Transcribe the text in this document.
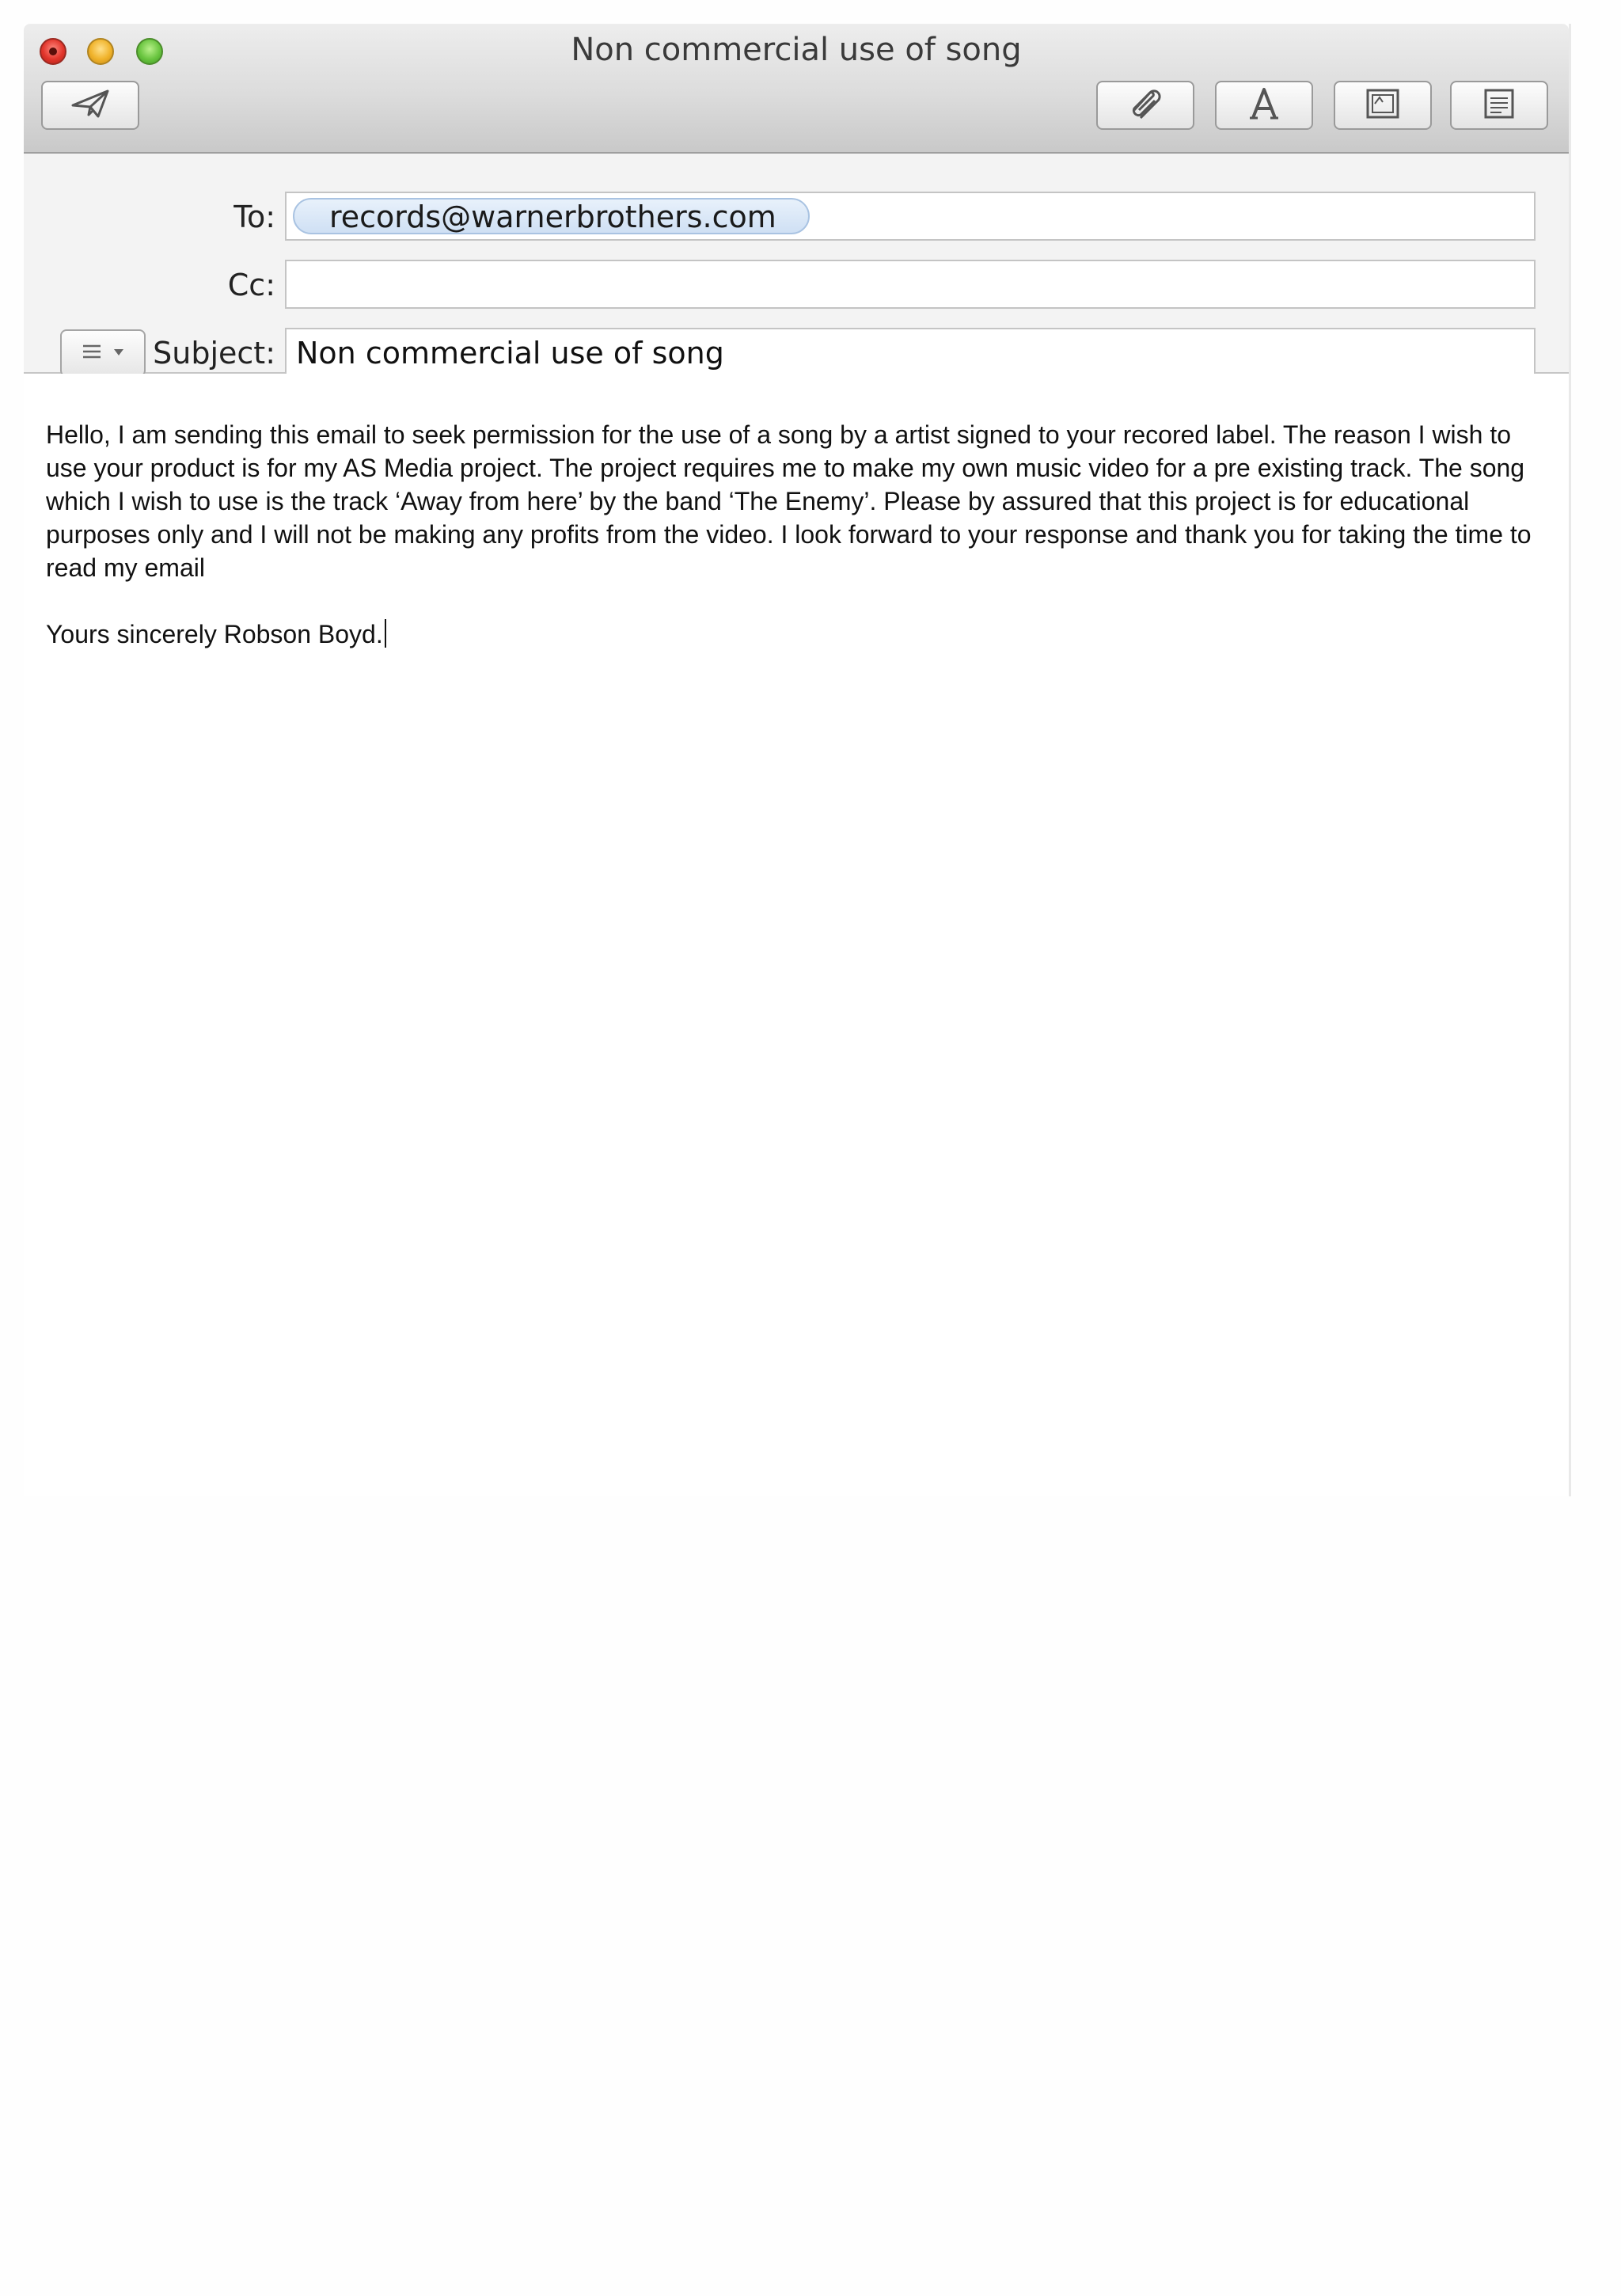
Non commercial use of song
To:	records@warnerbrothers.com
Cc:
Subject: Non commercial use of song

Hello, I am sending this email to seek permission for the use of a song by a artist signed to your recored label. The reason I wish to use your product is for my AS Media project. The project requires me to make my own music video for a pre existing track. The song which I wish to use is the track ‘Away from here’ by the band ‘The Enemy’. Please by assured that this project is for educational purposes only and I will not be making any profits from the video. I look forward to your response and thank you for taking the time to read my email

Yours sincerely Robson Boyd.
